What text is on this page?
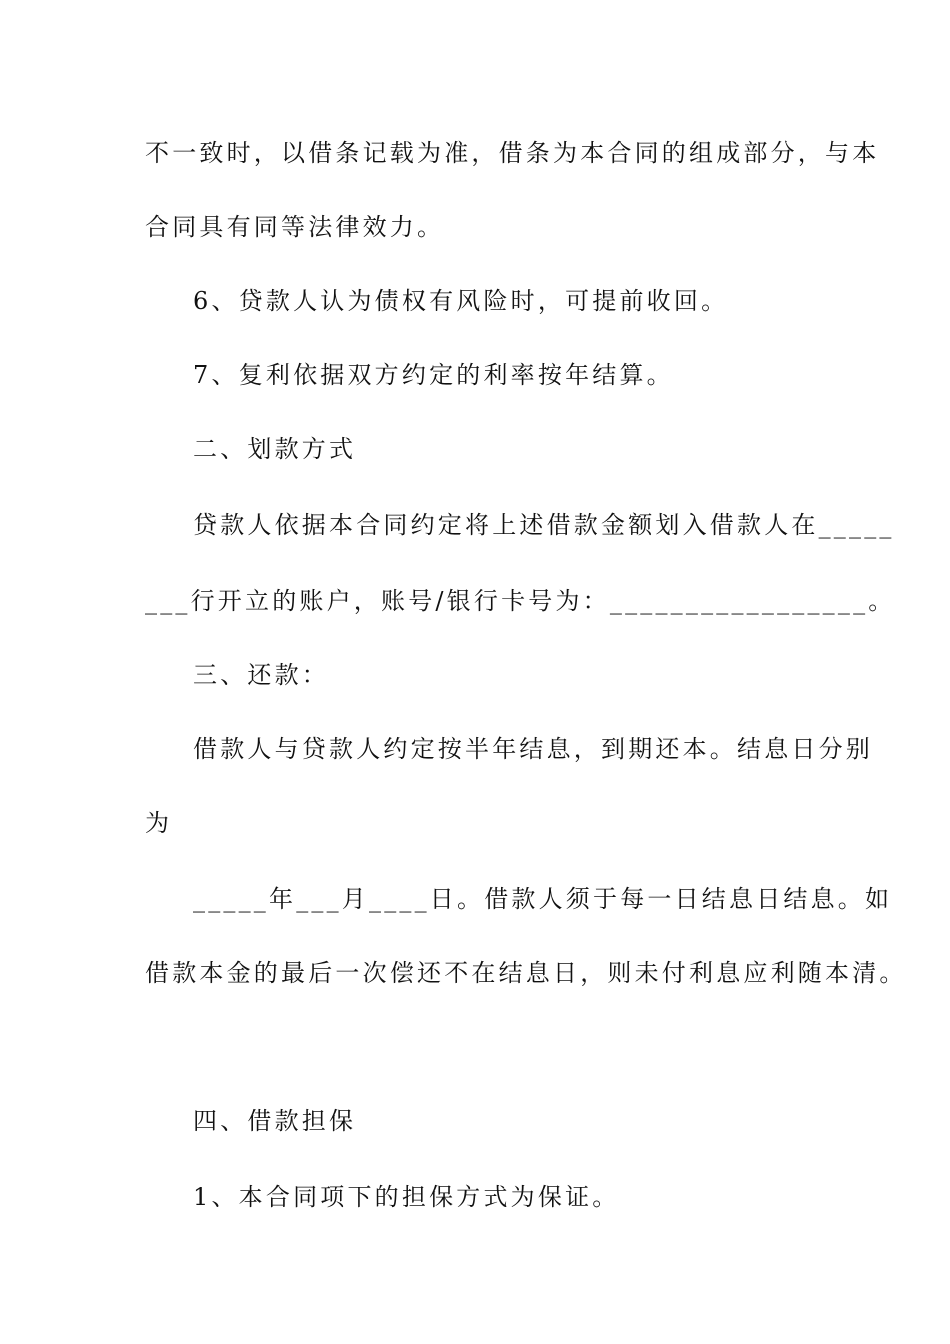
不一致时，以借条记载为准，借条为本合同的组成部分，与本
合同具有同等法律效力。
6、贷款人认为债权有风险时，可提前收回。
7、复利依据双方约定的利率按年结算。
二、划款方式
贷款人依据本合同约定将上述借款金额划入借款人在_____
___行开立的账户，账号/银行卡号为：_________________。
三、还款：
借款人与贷款人约定按半年结息，到期还本。结息日分别
为
_____年___月____日。借款人须于每一日结息日结息。如
借款本金的最后一次偿还不在结息日，则未付利息应利随本清。
四、借款担保
1、本合同项下的担保方式为保证。
